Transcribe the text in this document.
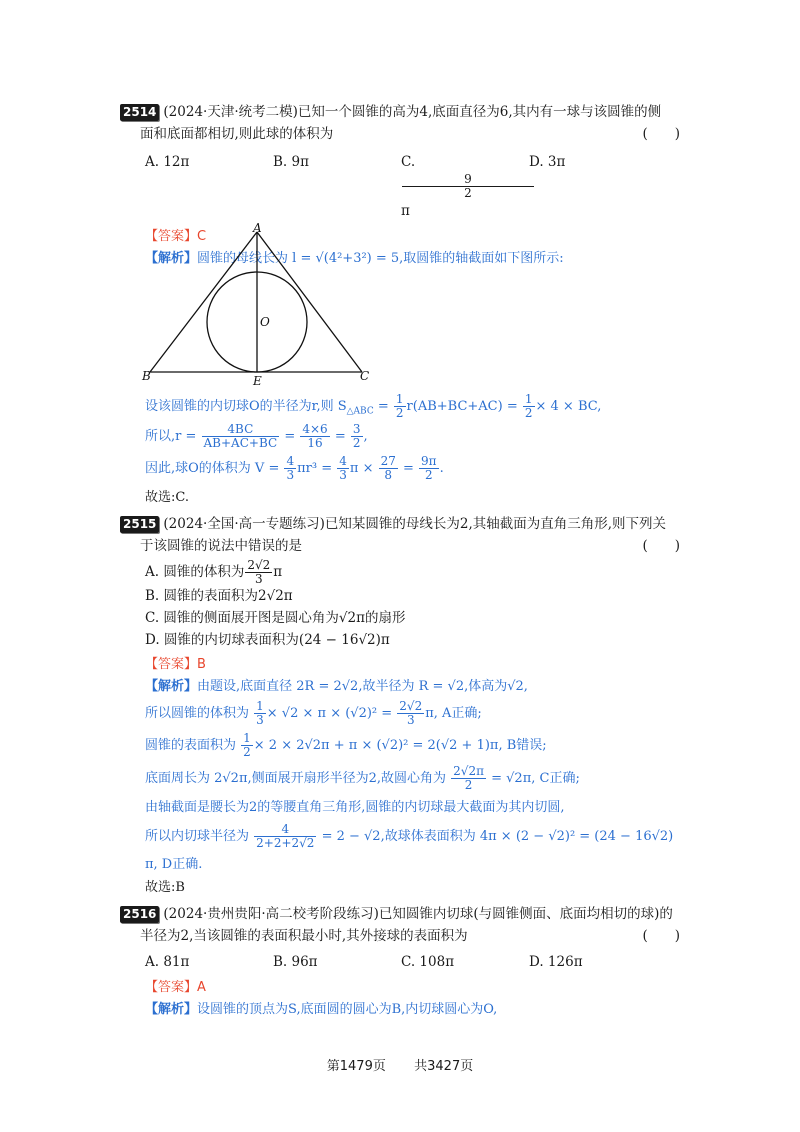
2514 (2024·天津·统考二模)已知一个圆锥的高为4,底面直径为6,其内有一球与该圆锥的侧
面和底面都相切,则此球的体积为	(　　)
A. 12π	B. 9π	C.
$\frac{9}{2}$
π
D. 3π
【答案】C
【解析】圆锥的母线长为 l = √(4²+3²) = 5,取圆锥的轴截面如下图所示:
A
B	C
E
O
设该圆锥的内切球O的半径为r,则 $S_{\triangle ABC} = \frac{1}{2} r(AB+BC+AC) = \frac{1}{2} \times 4$ × BC,
所以$,r = \frac{4BC}{AB+AC+BC} = \frac{4\times 6}{16} = \frac{3}{2}$ ,
因此,球O的体积为 $V = \frac{4}{3} \pi r^3 = \frac{4}{3}$ $\pi \times \frac{27}{8} = \frac{9\pi}{2}$ .
故选:C.
2515 (2024·全国·高一专题练习)已知某圆锥的母线长为2,其轴截面为直角三角形,则下列关
于该圆锥的说法中错误的是	(　　)
A. 圆锥的体积为 $\frac{2√2}{3}$ π
B. 圆锥的表面积为2√2π
C. 圆锥的侧面展开图是圆心角为√2π的扇形
D. 圆锥的内切球表面积为(24 − 16√2)π
【答案】B
【解析】由题设,底面直径 2R = 2√2,故半径为 R = √2,体高为√2,
所以圆锥的体积为 $\frac{1}{3} \times √2 \times \pi \times (√2)^2 = \frac{2√2}{3} \pi$, A正确;
圆锥的表面积为 $\frac{1}{2} \times 2 \times 2√2\pi + \pi \times (√2)^2 = 2(√2 + 1)\pi$, B错误;
底面周长为 2√2π,侧面展开扇形半径为2,故圆心角为 $\frac{2√2\pi}{2} = √2\pi$, C正确;
由轴截面是腰长为2的等腰直角三角形,圆锥的内切球最大截面为其内切圆,
所以内切球半径为 $\frac{4}{2+2+2√2} = 2 - √2$,故球体表面积为 4π × (2 − √2)² = (24 − 16√2)
π, D正确.
故选:B
2516 (2024·贵州贵阳·高二校考阶段练习)已知圆锥内切球(与圆锥侧面、底面均相切的球)的
半径为2,当该圆锥的表面积最小时,其外接球的表面积为	(　　)
A. 81π	B. 96π	C. 108π	D. 126π
【答案】A
【解析】设圆锥的顶点为S,底面圆的圆心为B,内切球圆心为O,
第1479页 共3427页
